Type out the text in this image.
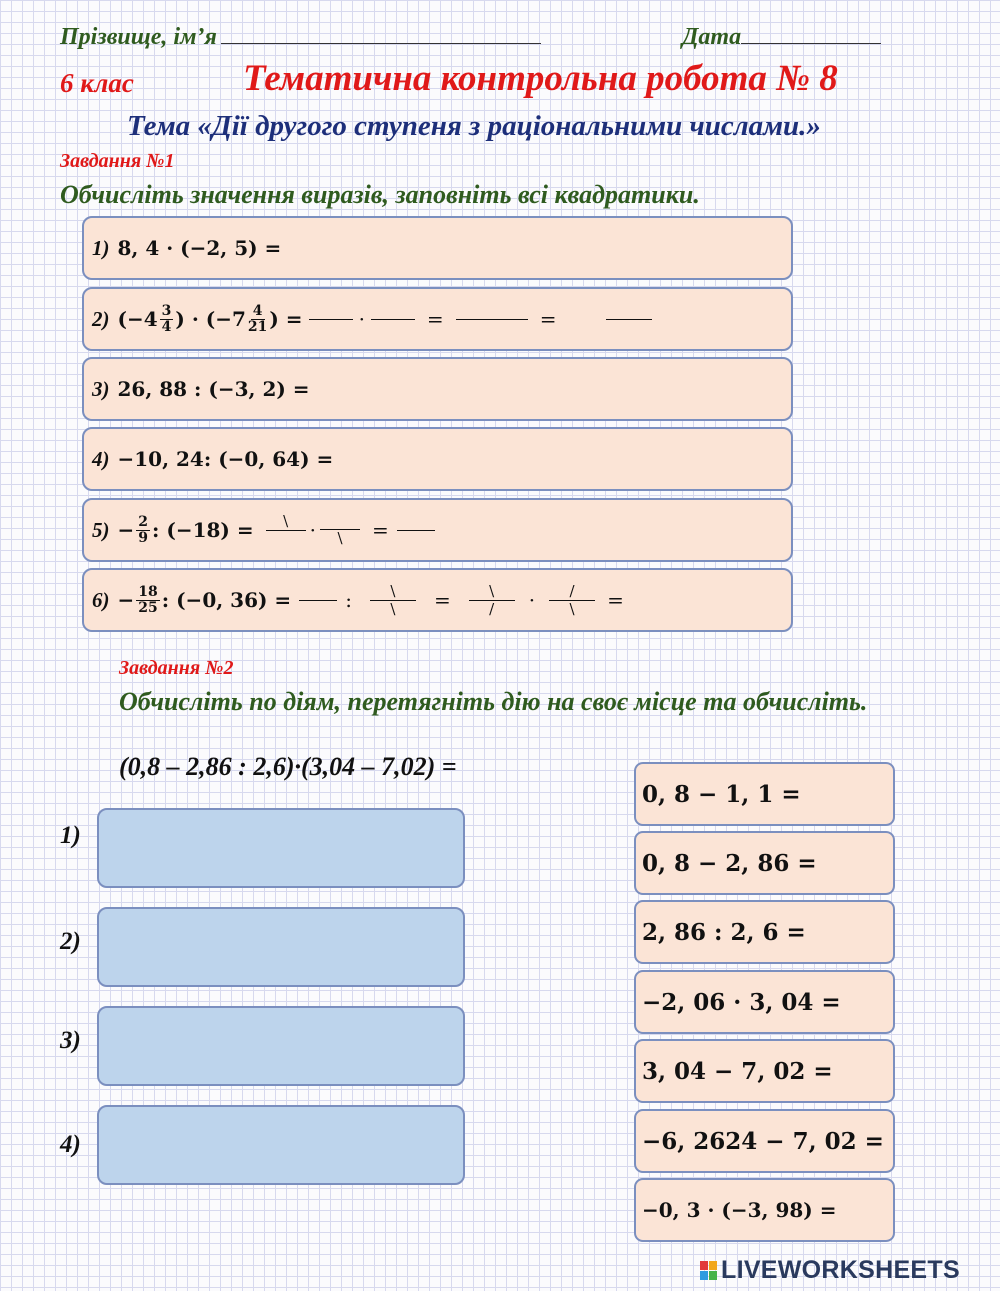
Прізвище, ім’я	Дата
6 клас	Тематична контрольна робота № 8
Тема «Дії другого ступеня з раціональними числами.»
Завдання №1
Обчисліть значення виразів, заповніть всі квадратики.
1) 8, 4 · (−2, 5) =
2) ($-4 \frac{3}{4}$ ) · ($-7 \frac{4}{21}$ ) =	·	=	=
3) 26, 88 : (−3, 2) =
4) −10, 24: (−0, 64) =
$5) - \frac{2}{9}$ : (−18) =	\	· \ =
$6) - \frac{18}{25}$ : (−0, 36) =	:	\
\ =	\
/ ·	/
\ =
Завдання №2
Обчисліть по діям, перетягніть дію на своє місце та обчисліть.
(0,8 – 2,86 : 2,6)·(3,04 – 7,02) =
1)
2)
3)
4)
0, 8 − 1, 1 =
0, 8 − 2, 86 =
2, 86 : 2, 6 =
−2, 06 · 3, 04 =
3, 04 − 7, 02 =
−6, 2624 − 7, 02 =
−0, 3 · (−3, 98) =
LIVEWORKSHEETS
